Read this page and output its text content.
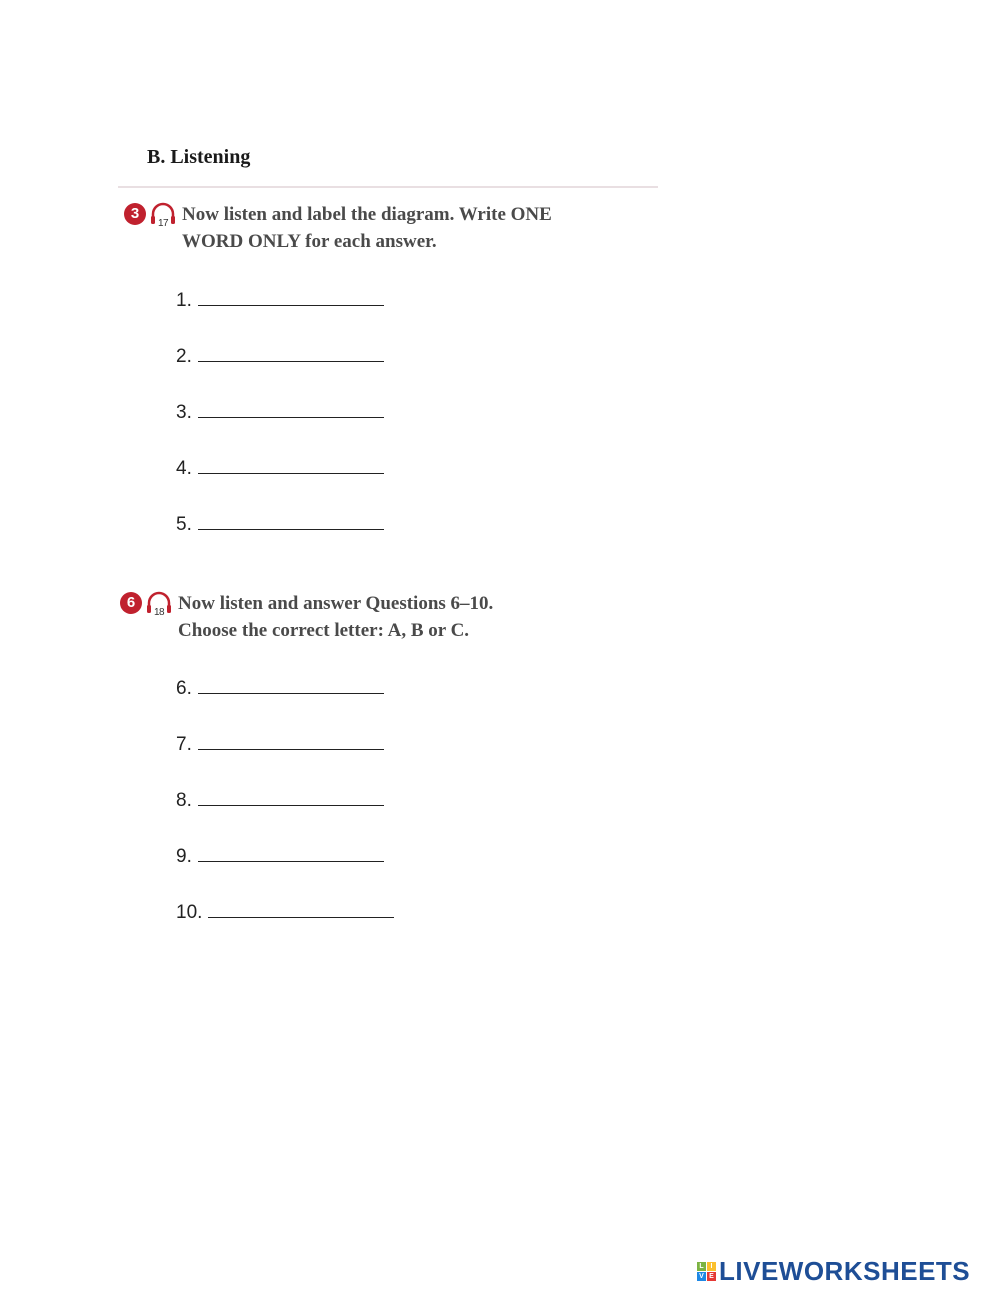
B. Listening
3
17 Now listen and label the diagram. Write ONE
WORD ONLY for each answer.
1.
2.
3.
4.
5.
6
18 Now listen and answer Questions 6–10.
Choose the correct letter: A, B or C.
6.
7.
8.
9.
10.
L I
V E LIVEWORKSHEETS
